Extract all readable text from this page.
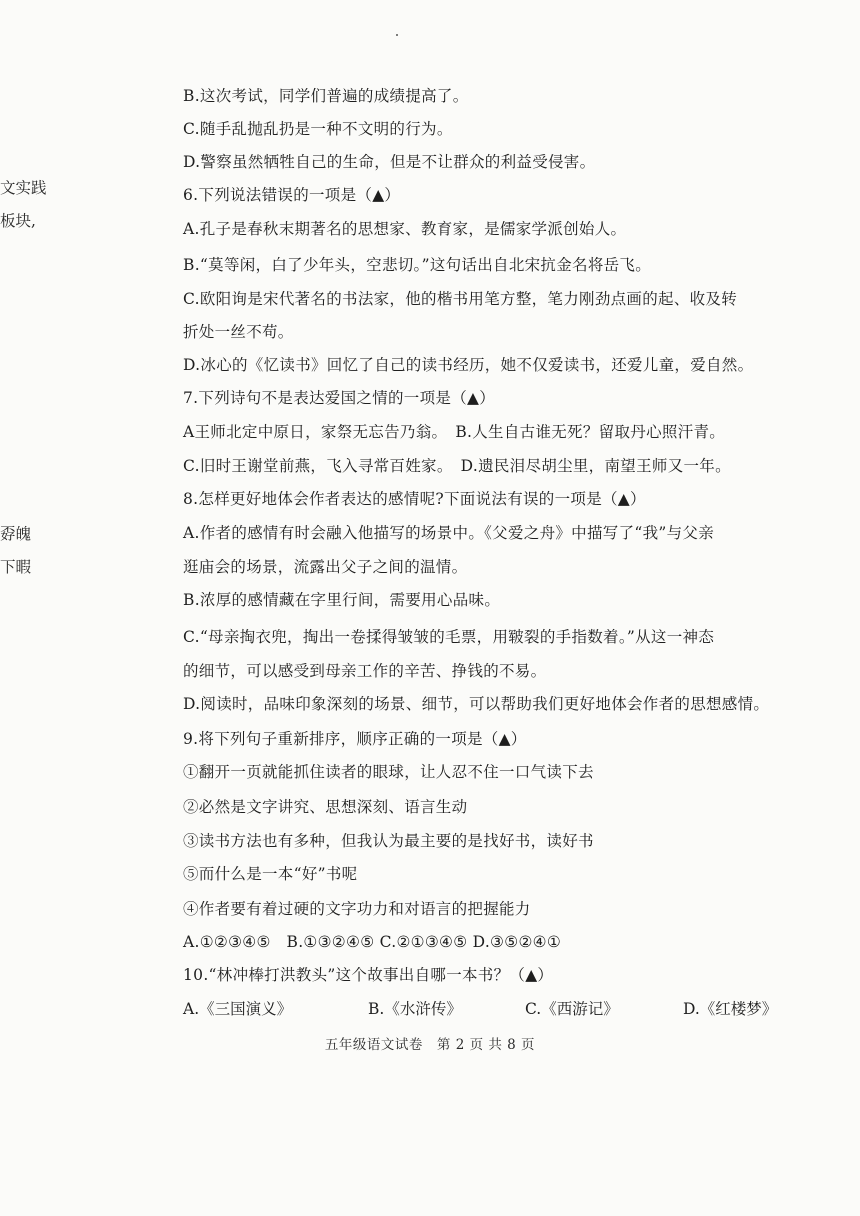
文实践
板块,
孬魄
下暇
B.这次考试，同学们普遍的成绩提高了。
C.随手乱抛乱扔是一种不文明的行为。
D.警察虽然牺牲自己的生命，但是不让群众的利益受侵害。
6.下列说法错误的一项是（▲）
A.孔子是春秋末期著名的思想家、教育家，是儒家学派创始人。
B.“莫等闲，白了少年头，空悲切。”这句话出自北宋抗金名将岳飞。
C.欧阳询是宋代著名的书法家，他的楷书用笔方整，笔力刚劲点画的起、收及转
折处一丝不苟。
D.冰心的《忆读书》回忆了自己的读书经历，她不仅爱读书，还爱儿童，爱自然。
7.下列诗句不是表达爱国之情的一项是（▲）
A王师北定中原日，家祭无忘告乃翁。　B.人生自古谁无死？留取丹心照汗青。
C.旧时王谢堂前燕，飞入寻常百姓家。　D.遗民泪尽胡尘里，南望王师又一年。
8.怎样更好地体会作者表达的感情呢?下面说法有误的一项是（▲）
A.作者的感情有时会融入他描写的场景中。《父爱之舟》中描写了“我”与父亲
逛庙会的场景，流露出父子之间的温情。
B.浓厚的感情藏在字里行间，需要用心品味。
C.“母亲掏衣兜，掏出一卷揉得皱皱的毛票，用皲裂的手指数着。”从这一神态
的细节，可以感受到母亲工作的辛苦、挣钱的不易。
D.阅读时，品味印象深刻的场景、细节，可以帮助我们更好地体会作者的思想感情。
9.将下列句子重新排序，顺序正确的一项是（▲）
①翻开一页就能抓住读者的眼球，让人忍不住一口气读下去
②必然是文字讲究、思想深刻、语言生动
③读书方法也有多种，但我认为最主要的是找好书，读好书
⑤而什么是一本“好”书呢
④作者要有着过硬的文字功力和对语言的把握能力
A.①②③④⑤　B.①③②④⑤ C.②①③④⑤ D.③⑤②④①
10.“林冲棒打洪教头”这个故事出自哪一本书？（▲）
A.《三国演义》	B.《水浒传》	C.《西游记》	D.《红楼梦》
五年级语文试卷　第 2 页 共 8 页
